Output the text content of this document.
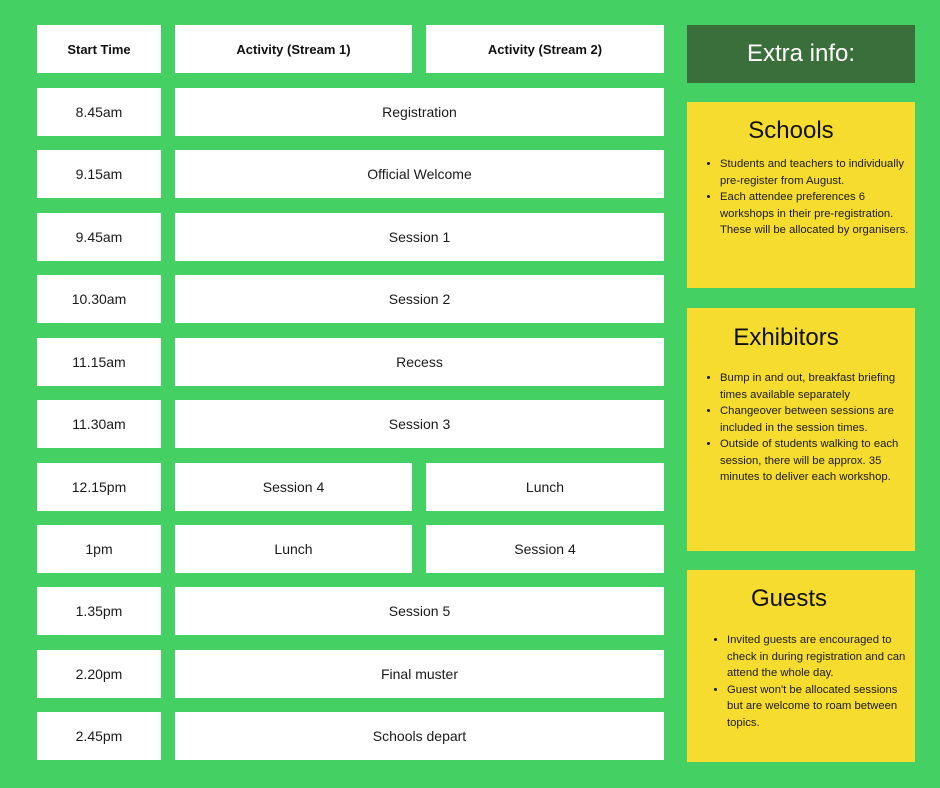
Start Time	Activity (Stream 1)	Activity (Stream 2)
8.45am	Registration
9.15am	Official Welcome
9.45am	Session 1
10.30am	Session 2
11.15am	Recess
11.30am	Session 3
12.15pm	Session 4	Lunch
1pm	Lunch	Session 4
1.35pm	Session 5
2.20pm	Final muster
2.45pm	Schools depart
Extra info:
Schools
• Students and teachers to individually pre-register from August.
• Each attendee preferences 6 workshops in their pre-registration. These will be allocated by organisers.
Exhibitors
• Bump in and out, breakfast briefing times available separately
• Changeover between sessions are included in the session times.
• Outside of students walking to each session, there will be approx. 35 minutes to deliver each workshop.
Guests
• Invited guests are encouraged to check in during registration and can attend the whole day.
• Guest won't be allocated sessions but are welcome to roam between topics.
